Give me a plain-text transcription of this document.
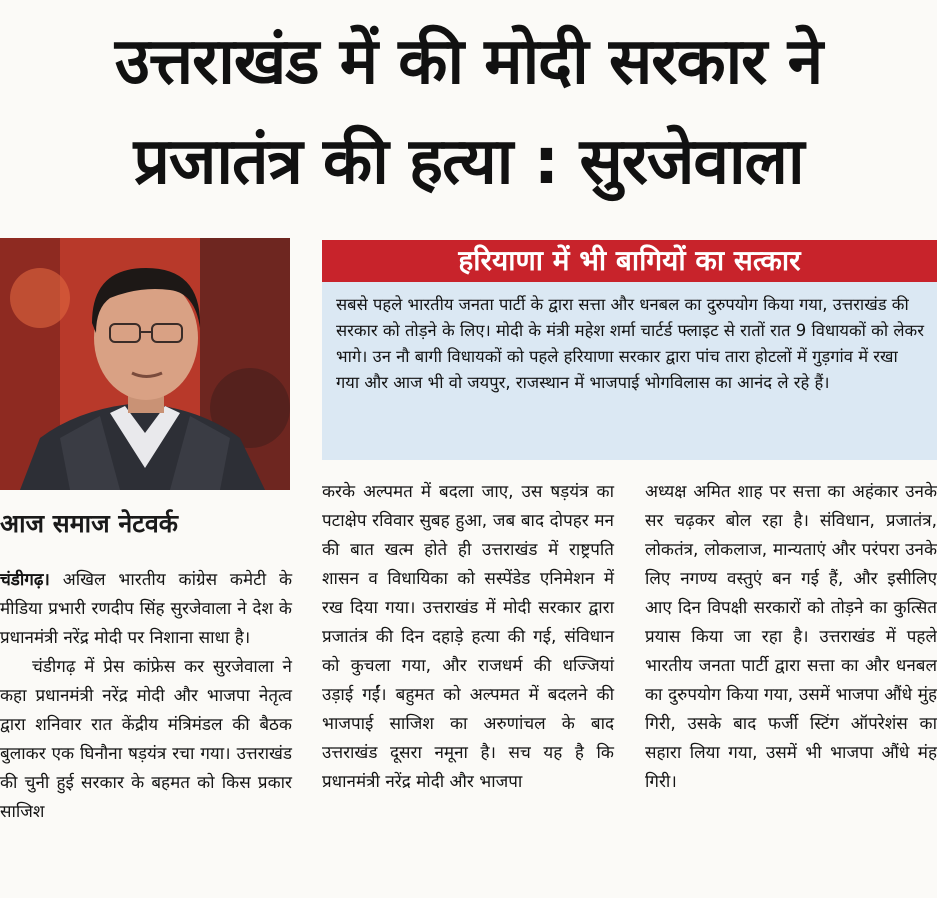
उत्तराखंड में की मोदी सरकार ने
प्रजातंत्र की हत्या : सुरजेवाला
आज समाज नेटवर्क
हरियाणा में भी बागियों का सत्कार
सबसे पहले भारतीय जनता पार्टी के द्वारा सत्ता और धनबल का दुरुपयोग किया गया, उत्तराखंड की सरकार को तोड़ने के लिए। मोदी के मंत्री महेश शर्मा चार्टर्ड फ्लाइट से रातों रात 9 विधायकों को लेकर भागे। उन नौ बागी विधायकों को पहले हरियाणा सरकार द्वारा पांच तारा होटलों में गुड़गांव में रखा गया और आज भी वो जयपुर, राजस्थान में भाजपाई भोगविलास का आनंद ले रहे हैं।

चंडीगढ़। अखिल भारतीय कांग्रेस कमेटी के मीडिया प्रभारी रणदीप सिंह सुरजेवाला ने देश के प्रधानमंत्री नरेंद्र मोदी पर निशाना साधा है।

चंडीगढ़ में प्रेस कांफ्रेस कर सुरजेवाला ने कहा प्रधानमंत्री नरेंद्र मोदी और भाजपा नेतृत्व द्वारा शनिवार रात केंद्रीय मंत्रिमंडल की बैठक बुलाकर एक घिनौना षड़यंत्र रचा गया। उत्तराखंड की चुनी हुई सरकार के बहमत को किस प्रकार साजिश

करके अल्पमत में बदला जाए, उस षड़यंत्र का पटाक्षेप रविवार सुबह हुआ, जब बाद दोपहर मन की बात खत्म होते ही उत्तराखंड में राष्ट्रपति शासन व विधायिका को सस्पेंडेड एनिमेशन में रख दिया गया। उत्तराखंड में मोदी सरकार द्वारा प्रजातंत्र की दिन दहाड़े हत्या की गई, संविधान को कुचला गया, और राजधर्म की धज्जियां उड़ाई गईं। बहुमत को अल्पमत में बदलने की भाजपाई साजिश का अरुणांचल के बाद उत्तराखंड दूसरा नमूना है। सच यह है कि प्रधानमंत्री नरेंद्र मोदी और भाजपा

अध्यक्ष अमित शाह पर सत्ता का अहंकार उनके सर चढ़कर बोल रहा है। संविधान, प्रजातंत्र, लोकतंत्र, लोकलाज, मान्यताएं और परंपरा उनके लिए नगण्य वस्तुएं बन गई हैं, और इसीलिए आए दिन विपक्षी सरकारों को तोड़ने का कुत्सित प्रयास किया जा रहा है। उत्तराखंड में पहले भारतीय जनता पार्टी द्वारा सत्ता का और धनबल का दुरुपयोग किया गया, उसमें भाजपा औंधे मुंह गिरी, उसके बाद फर्जी स्टिंग ऑपरेशंस का सहारा लिया गया, उसमें भी भाजपा औंधे मंह गिरी।
